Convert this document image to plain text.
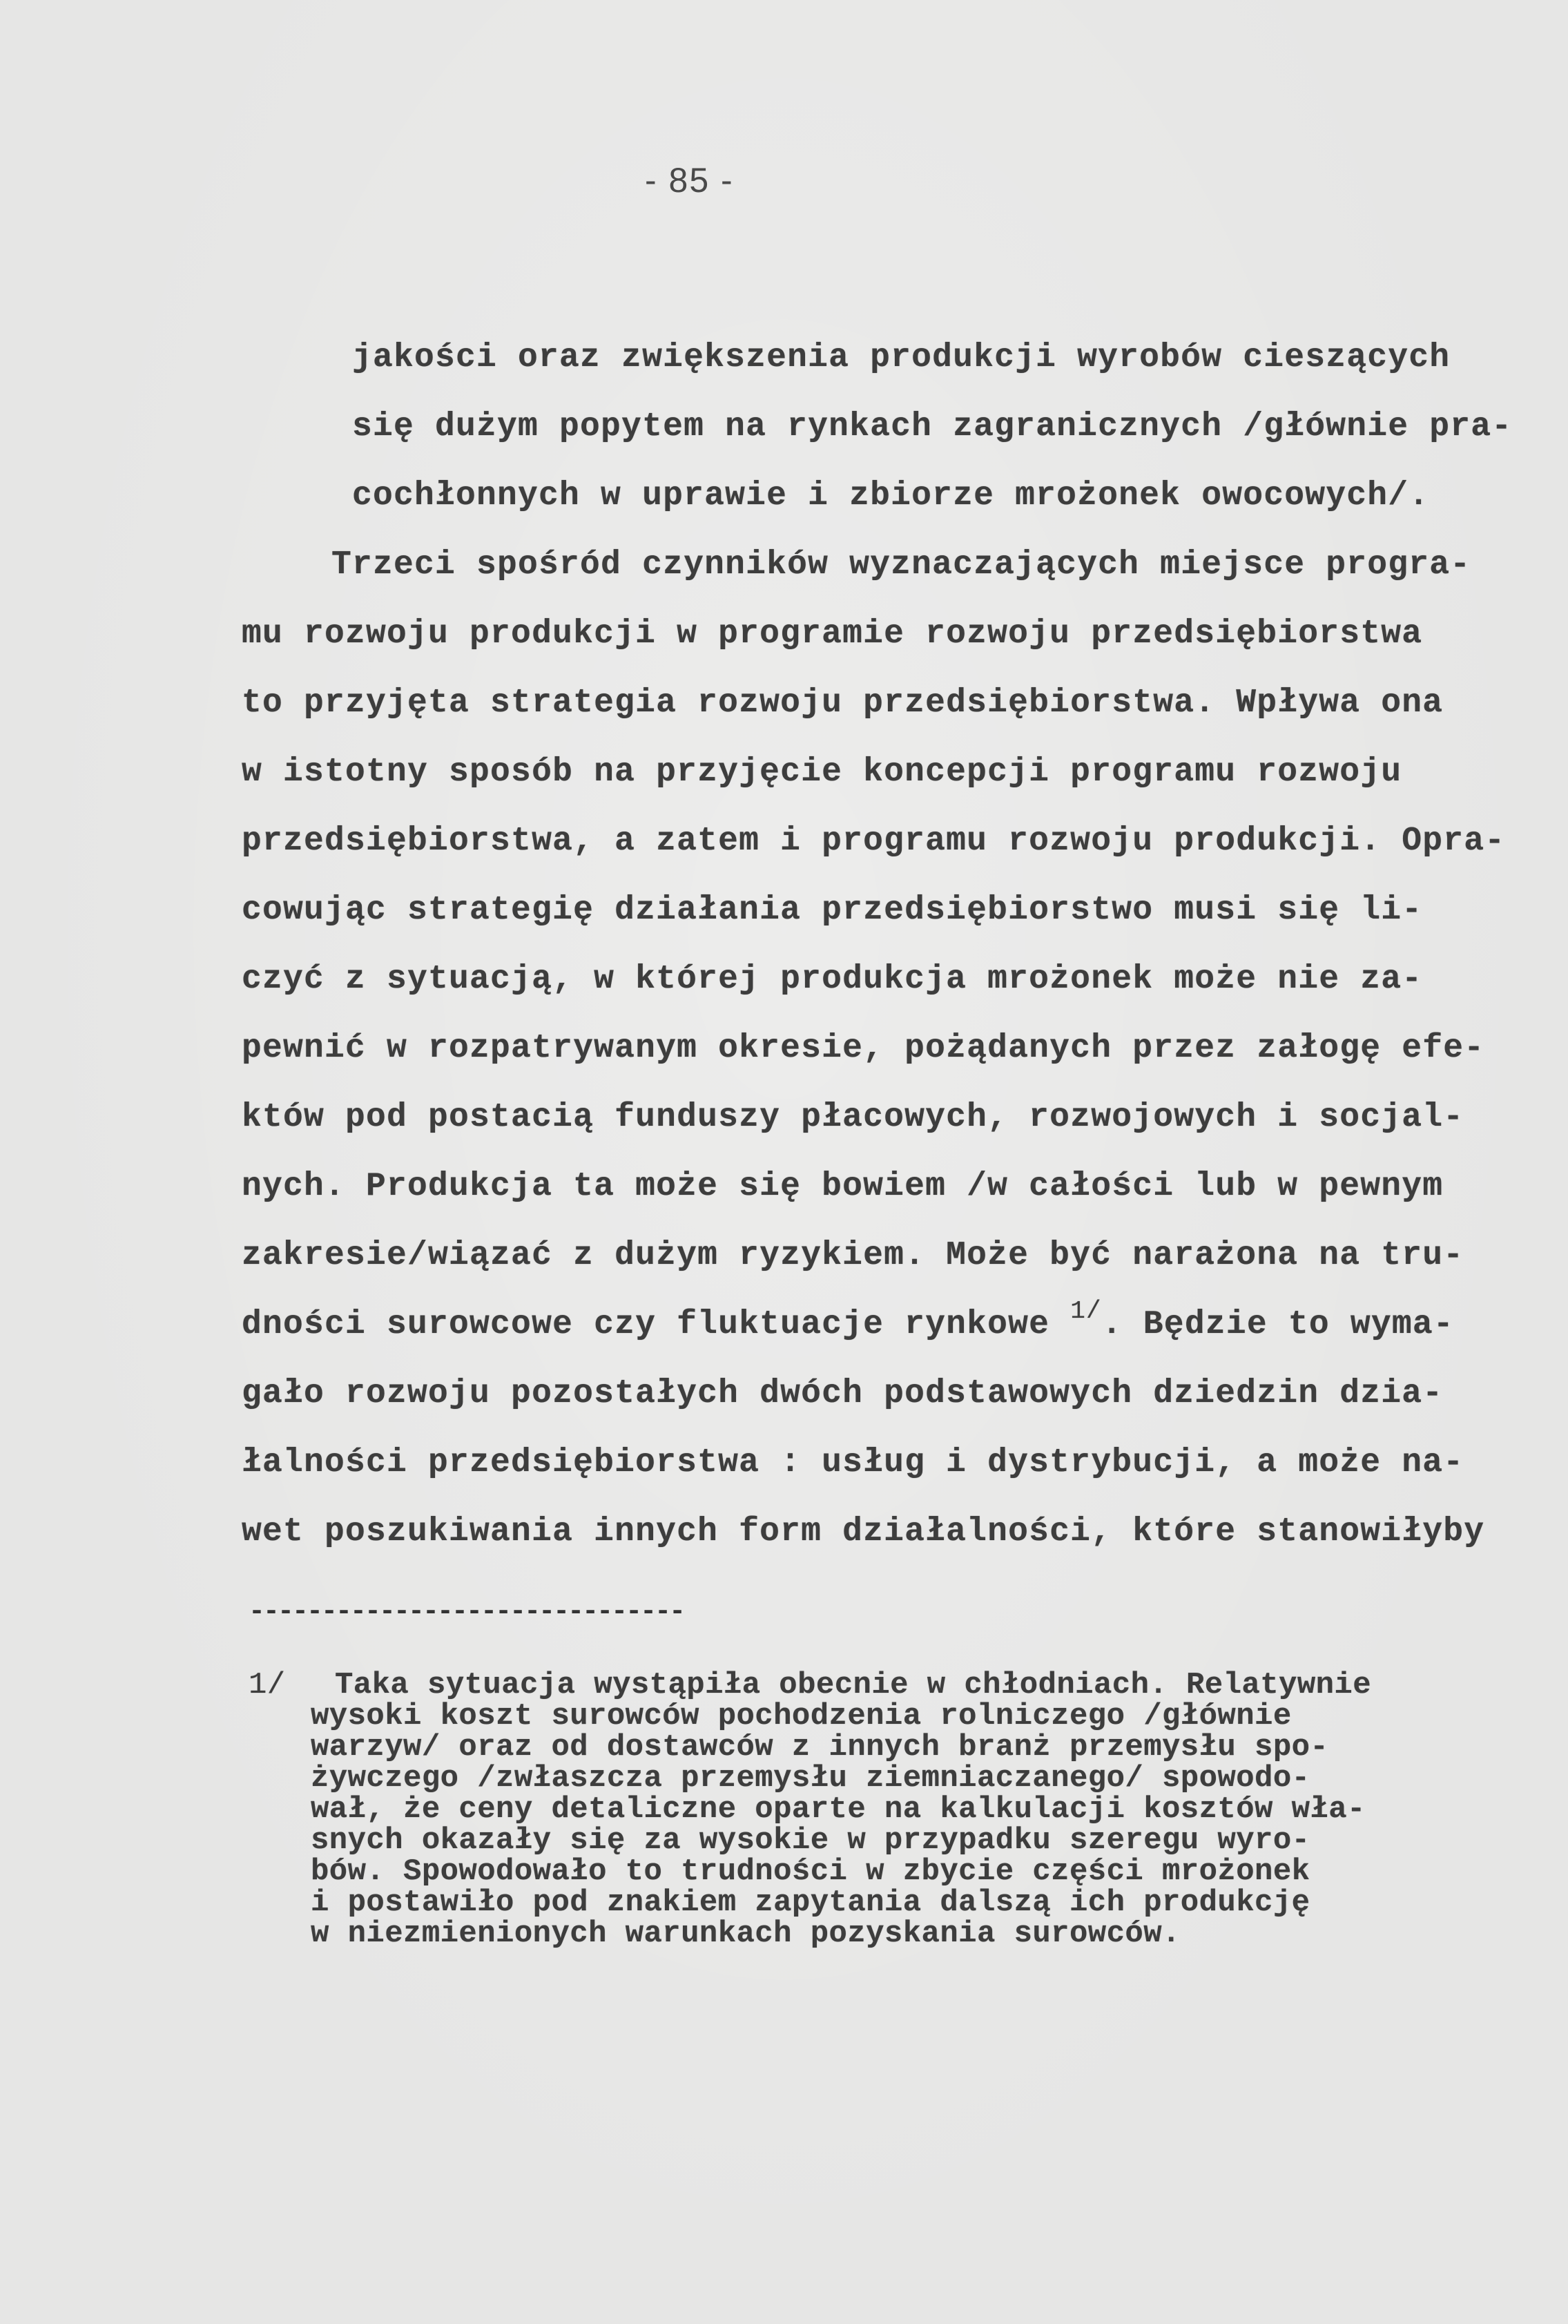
- 85 -
jakości oraz zwiększenia produkcji wyrobów cieszących
się dużym popytem na rynkach zagranicznych /głównie pra-
cochłonnych w uprawie i zbiorze mrożonek owocowych/.
Trzeci spośród czynników wyznaczających miejsce progra-
mu rozwoju produkcji w programie rozwoju przedsiębiorstwa
to przyjęta strategia rozwoju przedsiębiorstwa. Wpływa ona
w istotny sposób na przyjęcie koncepcji programu rozwoju
przedsiębiorstwa, a zatem i programu rozwoju produkcji. Opra-
cowując strategię działania przedsiębiorstwo musi się li-
czyć z sytuacją, w której produkcja mrożonek może nie za-
pewnić w rozpatrywanym okresie, pożądanych przez załogę efe-
któw pod postacią funduszy płacowych, rozwojowych i socjal-
nych. Produkcja ta może się bowiem /w całości lub w pewnym
zakresie/wiązać z dużym ryzykiem. Może być narażona na tru-
dności surowcowe czy fluktuacje rynkowe $^{1/}$. Będzie to wyma-
gało rozwoju pozostałych dwóch podstawowych dziedzin dzia-
łalności przedsiębiorstwa : usług i dystrybucji, a może na-
wet poszukiwania innych form działalności, które stanowiłyby
------------------------------
1/ Taka sytuacja wystąpiła obecnie w chłodniach. Relatywnie
wysoki koszt surowców pochodzenia rolniczego /głównie
warzyw/ oraz od dostawców z innych branż przemysłu spo-
żywczego /zwłaszcza przemysłu ziemniaczanego/ spowodo-
wał, że ceny detaliczne oparte na kalkulacji kosztów wła-
snych okazały się za wysokie w przypadku szeregu wyro-
bów. Spowodowało to trudności w zbycie części mrożonek
i postawiło pod znakiem zapytania dalszą ich produkcję
w niezmienionych warunkach pozyskania surowców.
